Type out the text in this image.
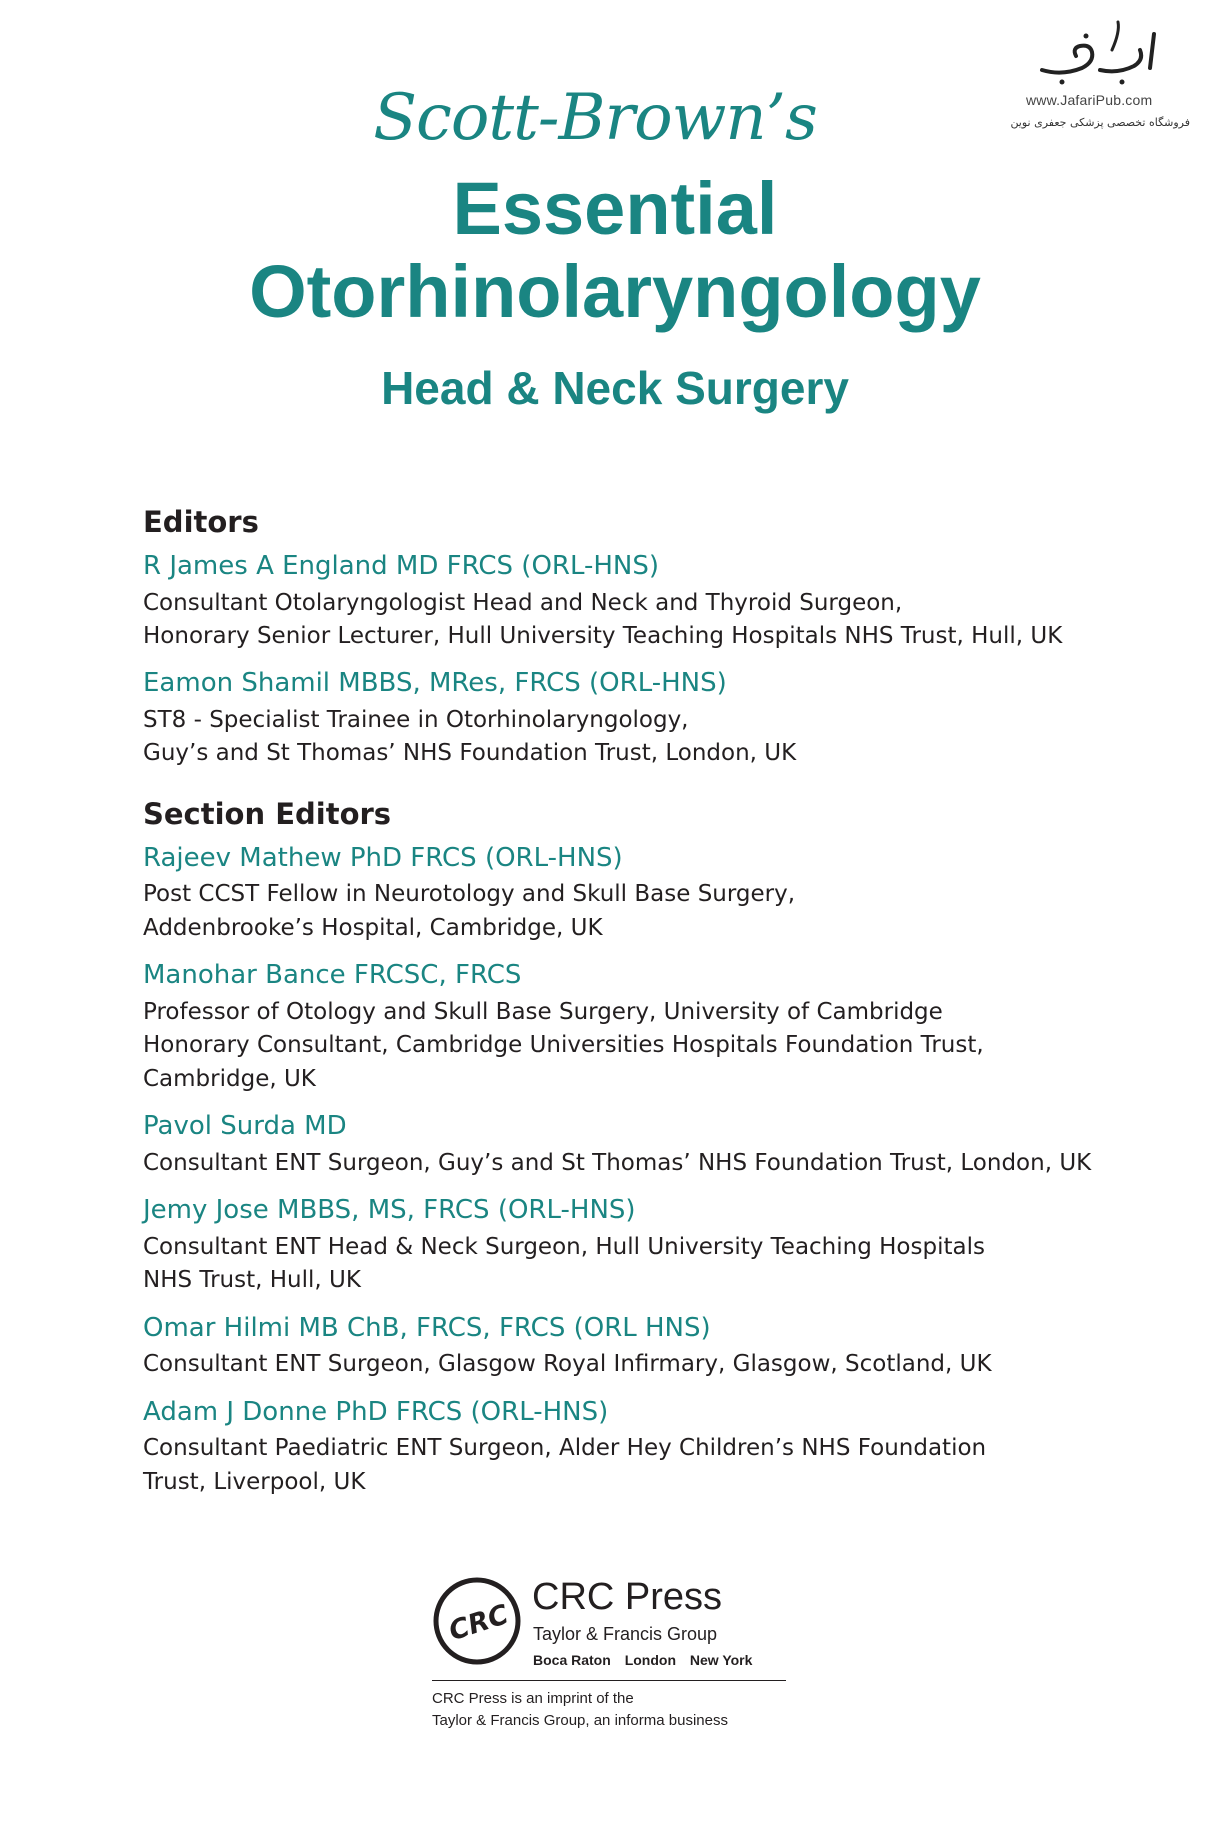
www.JafariPub.com
فروشگاه تخصصی پزشکی جعفری نوین
Scott-Brown’s
Essential
Otorhinolaryngology
Head & Neck Surgery
Editors
R James A England MD FRCS (ORL-HNS)
Consultant Otolaryngologist Head and Neck and Thyroid Surgeon,
Honorary Senior Lecturer, Hull University Teaching Hospitals NHS Trust, Hull, UK
Eamon Shamil MBBS, MRes, FRCS (ORL-HNS)
ST8 - Specialist Trainee in Otorhinolaryngology,
Guy’s and St Thomas’ NHS Foundation Trust, London, UK
Section Editors
Rajeev Mathew PhD FRCS (ORL-HNS)
Post CCST Fellow in Neurotology and Skull Base Surgery,
Addenbrooke’s Hospital, Cambridge, UK
Manohar Bance FRCSC, FRCS
Professor of Otology and Skull Base Surgery, University of Cambridge
Honorary Consultant, Cambridge Universities Hospitals Foundation Trust,
Cambridge, UK
Pavol Surda MD
Consultant ENT Surgeon, Guy’s and St Thomas’ NHS Foundation Trust, London, UK
Jemy Jose MBBS, MS, FRCS (ORL-HNS)
Consultant ENT Head & Neck Surgeon, Hull University Teaching Hospitals
NHS Trust, Hull, UK
Omar Hilmi MB ChB, FRCS, FRCS (ORL HNS)
Consultant ENT Surgeon, Glasgow Royal Infirmary, Glasgow, Scotland, UK
Adam J Donne PhD FRCS (ORL-HNS)
Consultant Paediatric ENT Surgeon, Alder Hey Children’s NHS Foundation
Trust, Liverpool, UK
CRC
CRC Press
Taylor & Francis Group
Boca Raton London New York
CRC Press is an imprint of the
Taylor & Francis Group, an informa business
